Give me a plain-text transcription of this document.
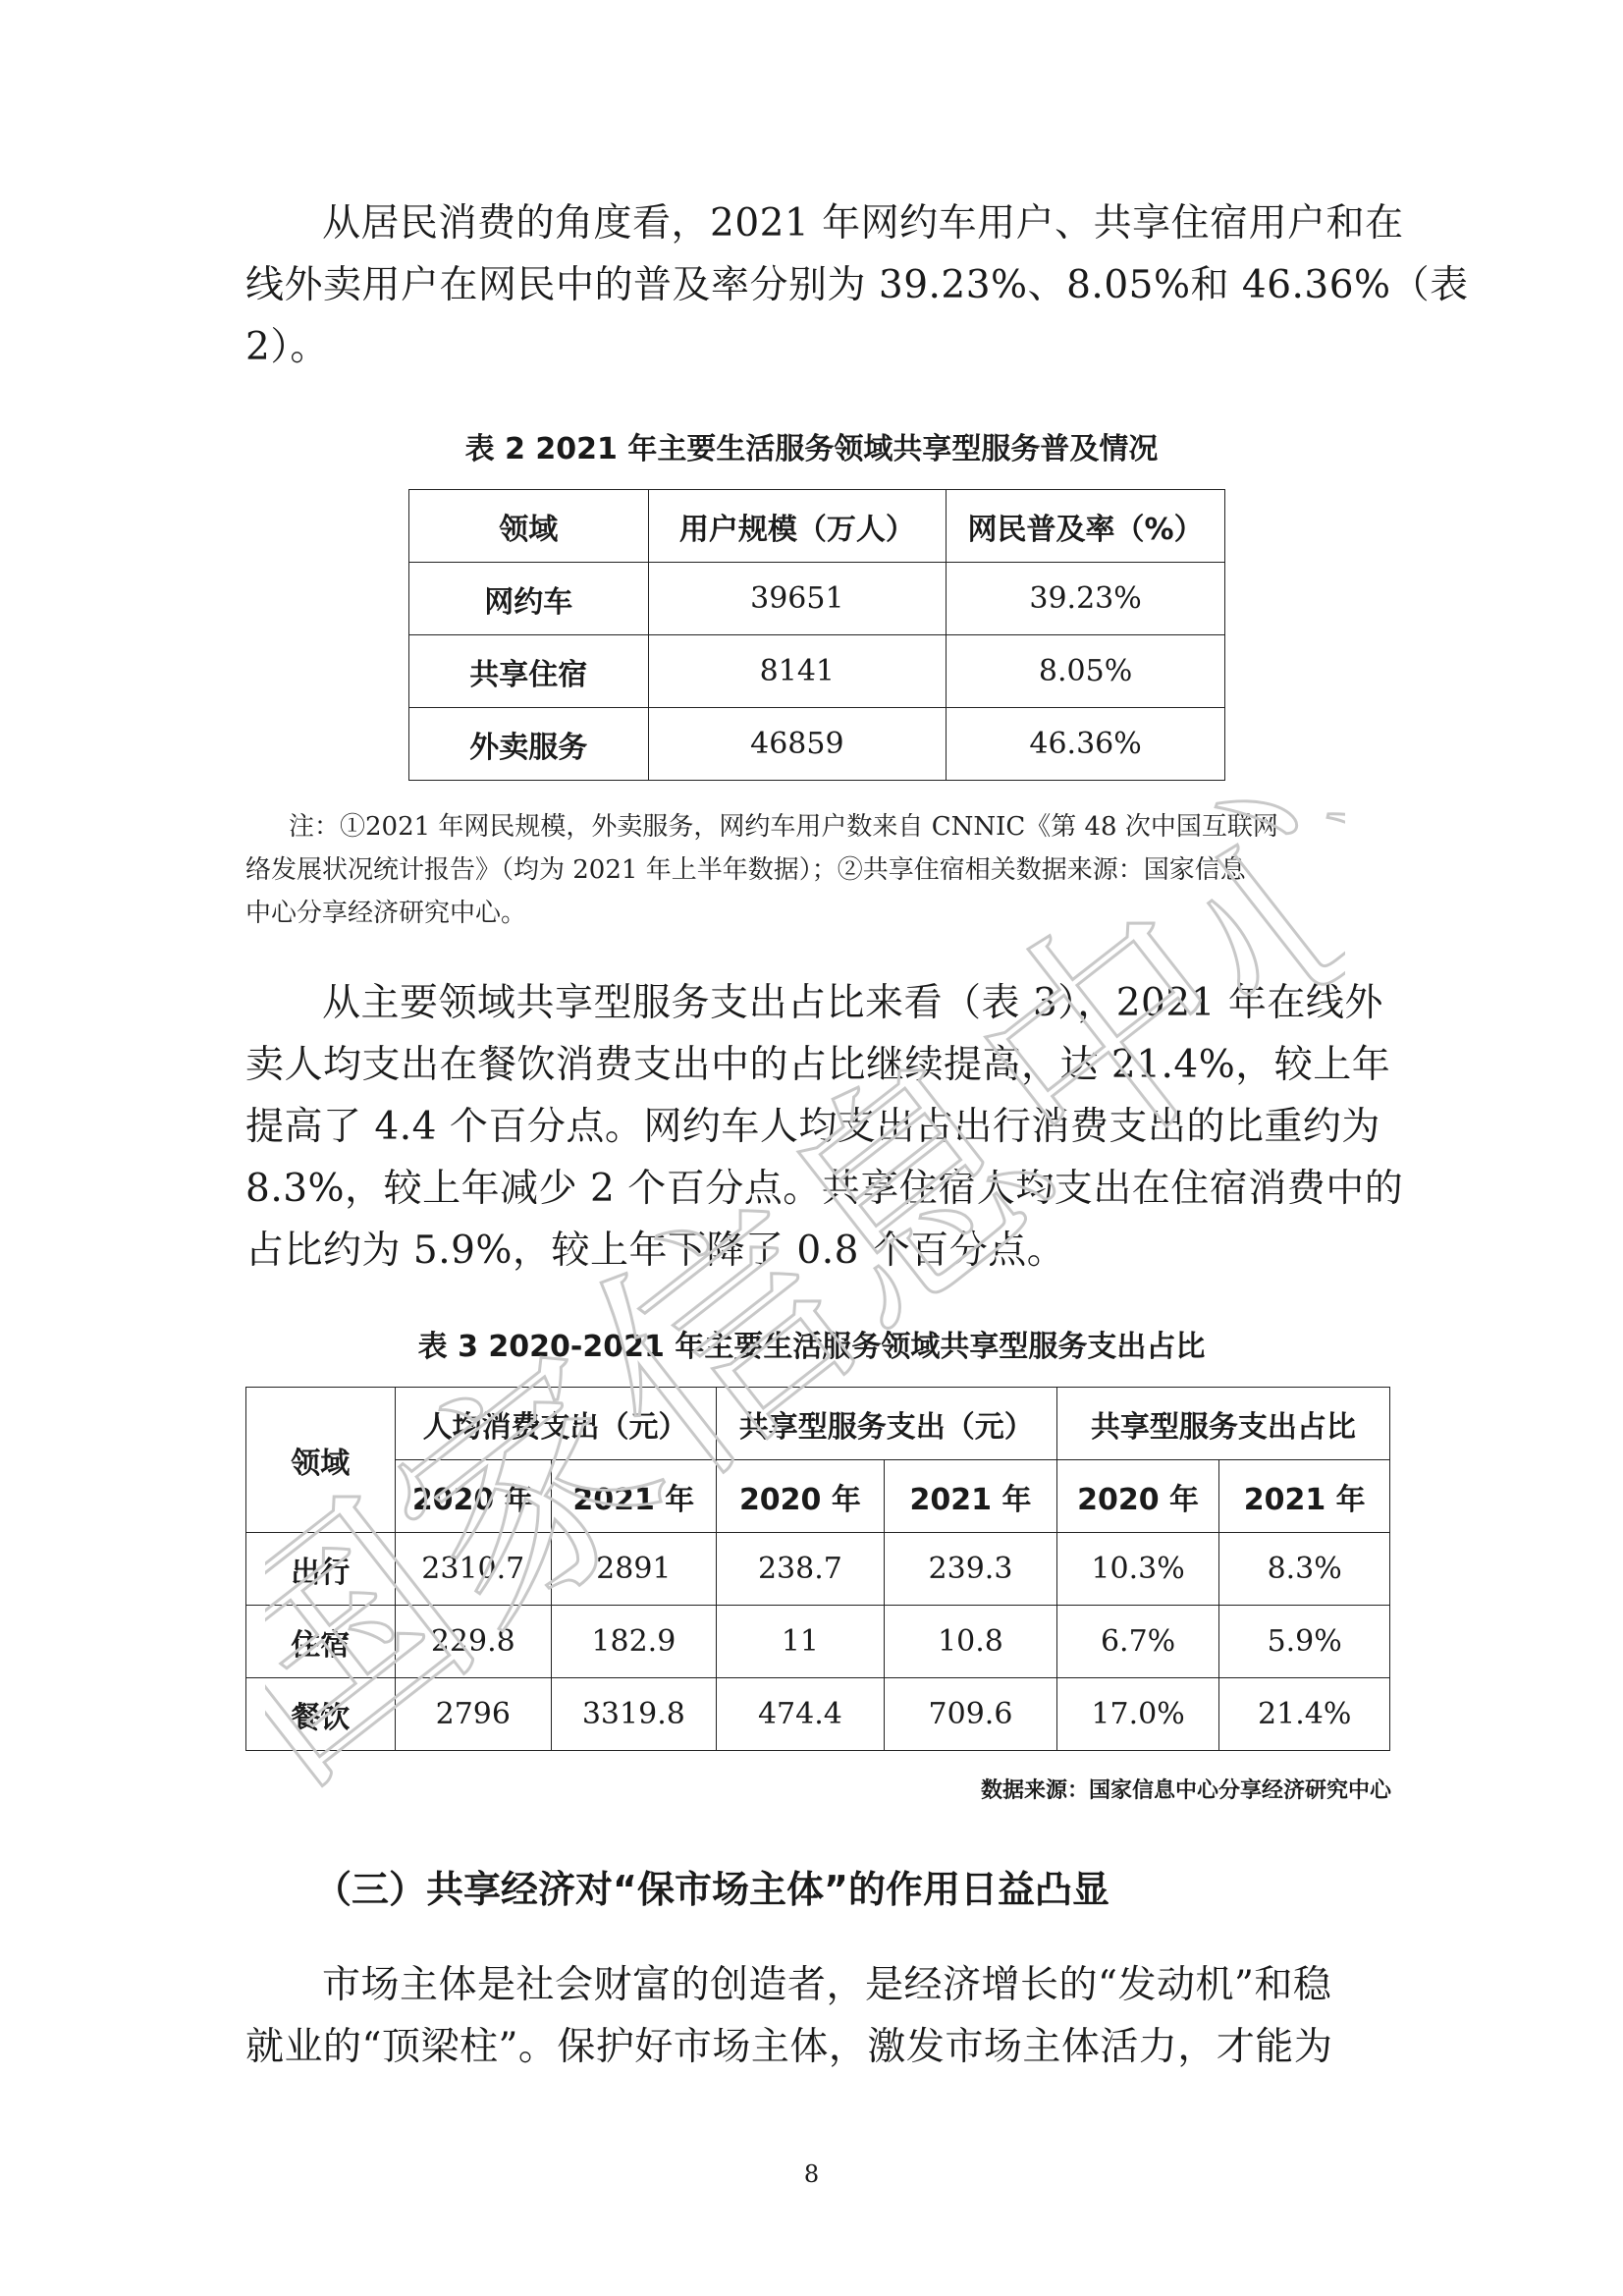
从居民消费的角度看，2021 年网约车用户、共享住宿用户和在
线外卖用户在网民中的普及率分别为 39.23%、8.05%和 46.36%（表
2）。

表 2 2021 年主要生活服务领域共享型服务普及情况

领域	用户规模（万人）	网民普及率（%）
网约车	39651	39.23%
共享住宿	8141	8.05%
外卖服务	46859	46.36%

注：①2021 年网民规模，外卖服务，网约车用户数来自 CNNIC《第 48 次中国互联网
络发展状况统计报告》（均为 2021 年上半年数据）；②共享住宿相关数据来源：国家信息
中心分享经济研究中心。

从主要领域共享型服务支出占比来看（表 3），2021 年在线外
卖人均支出在餐饮消费支出中的占比继续提高，达 21.4%，较上年
提高了 4.4 个百分点。网约车人均支出占出行消费支出的比重约为
8.3%，较上年减少 2 个百分点。共享住宿人均支出在住宿消费中的
占比约为 5.9%，较上年下降了 0.8 个百分点。

表 3 2020-2021 年主要生活服务领域共享型服务支出占比

领域	人均消费支出（元）		共享型服务支出（元）		共享型服务支出占比	
	2020 年	2021 年	2020 年	2021 年	2020 年	2021 年
出行	2310.7	2891	238.7	239.3	10.3%	8.3%
住宿	229.8	182.9	11	10.8	6.7%	5.9%
餐饮	2796	3319.8	474.4	709.6	17.0%	21.4%

数据来源：国家信息中心分享经济研究中心

（三）共享经济对“保市场主体”的作用日益凸显

市场主体是社会财富的创造者，是经济增长的“发动机”和稳
就业的“顶梁柱”。保护好市场主体，激发市场主体活力，才能为

8

国家信息中心
